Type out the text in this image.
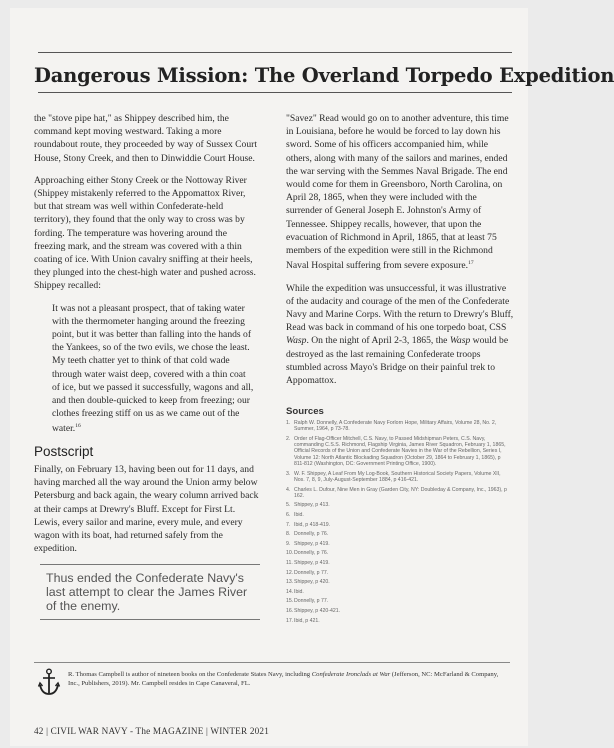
Dangerous Mission: The Overland Torpedo Expedition

the "stove pipe hat," as Shippey described him, the command kept moving westward. Taking a more roundabout route, they proceeded by way of Sussex Court House, Stony Creek, and then to Dinwiddie Court House.

Approaching either Stony Creek or the Nottoway River (Shippey mistakenly referred to the Appomattox River, but that stream was well within Confederate-held territory), they found that the only way to cross was by fording. The temperature was hovering around the freezing mark, and the stream was covered with a thin coating of ice. With Union cavalry sniffing at their heels, they plunged into the chest-high water and pushed across. Shippey recalled:

It was not a pleasant prospect, that of taking water with the thermometer hanging around the freezing point, but it was better than falling into the hands of the Yankees, so of the two evils, we chose the least. My teeth chatter yet to think of that cold wade through water waist deep, covered with a thin coat of ice, but we passed it successfully, wagons and all, and then double-quicked to keep from freezing; our clothes freezing stiff on us as we came out of the water.$^{16}$

Postscript

Finally, on February 13, having been out for 11 days, and having marched all the way around the Union army below Petersburg and back again, the weary column arrived back at their camps at Drewry's Bluff. Except for First Lt. Lewis, every sailor and marine, every mule, and every wagon with its boat, had returned safely from the expedition.

Thus ended the Confederate Navy's last attempt to clear the James River of the enemy.

"Savez" Read would go on to another adventure, this time in Louisiana, before he would be forced to lay down his sword. Some of his officers accompanied him, while others, along with many of the sailors and marines, ended the war serving with the Semmes Naval Brigade. The end would come for them in Greensboro, North Carolina, on April 28, 1865, when they were included with the surrender of General Joseph E. Johnston's Army of Tennessee. Shippey recalls, however, that upon the evacuation of Richmond in April, 1865, that at least 75 members of the expedition were still in the Richmond Naval Hospital suffering from severe exposure.$^{17}$

While the expedition was unsuccessful, it was illustrative of the audacity and courage of the men of the Confederate Navy and Marine Corps. With the return to Drewry's Bluff, Read was back in command of his one torpedo boat, CSS Wasp. On the night of April 2-3, 1865, the Wasp would be destroyed as the last remaining Confederate troops stumbled across Mayo's Bridge on their painful trek to Appomattox.

Sources
1. Ralph W. Donnelly, A Confederate Navy Forlorn Hope, Military Affairs, Volume 28, No. 2, Summer, 1964, p 73-78.
2. Order of Flag-Officer Mitchell, C.S. Navy, to Passed Midshipman Peters, C.S. Navy, commanding C.S.S. Richmond, Flagship Virginia, James River Squadron, February 1, 1865, Official Records of the Union and Confederate Navies in the War of the Rebellion, Series I, Volume 12: North Atlantic Blockading Squadron (October 29, 1864 to February 1, 1865), p 811-812 (Washington, DC: Government Printing Office, 1900).
3. W. F. Shippey, A Leaf From My Log-Book, Southern Historical Society Papers, Volume XII, Nos. 7, 8, 9, July-August-September 1884, p 416-421.
4. Charles L. Dufour, Nine Men in Gray (Garden City, NY: Doubleday & Company, Inc., 1963), p 162.
5. Shippey, p 413.
6. Ibid.
7. Ibid, p 418-419.
8. Donnelly, p 76.
9. Shippey, p 419.
10.Donnelly, p 76.
11.Shippey, p 419.
12.Donnelly, p 77.
13.Shippey, p 420.
14.Ibid.
15.Donnelly, p 77.
16.Shippey, p 420-421.
17.Ibid, p 421.
R. Thomas Campbell is author of nineteen books on the Confederate States Navy, including Confederate Ironclads at War (Jefferson, NC: McFarland & Company, Inc., Publishers, 2019). Mr. Campbell resides in Cape Canaveral, FL.
42 | CIVIL WAR NAVY - The MAGAZINE | WINTER 2021
